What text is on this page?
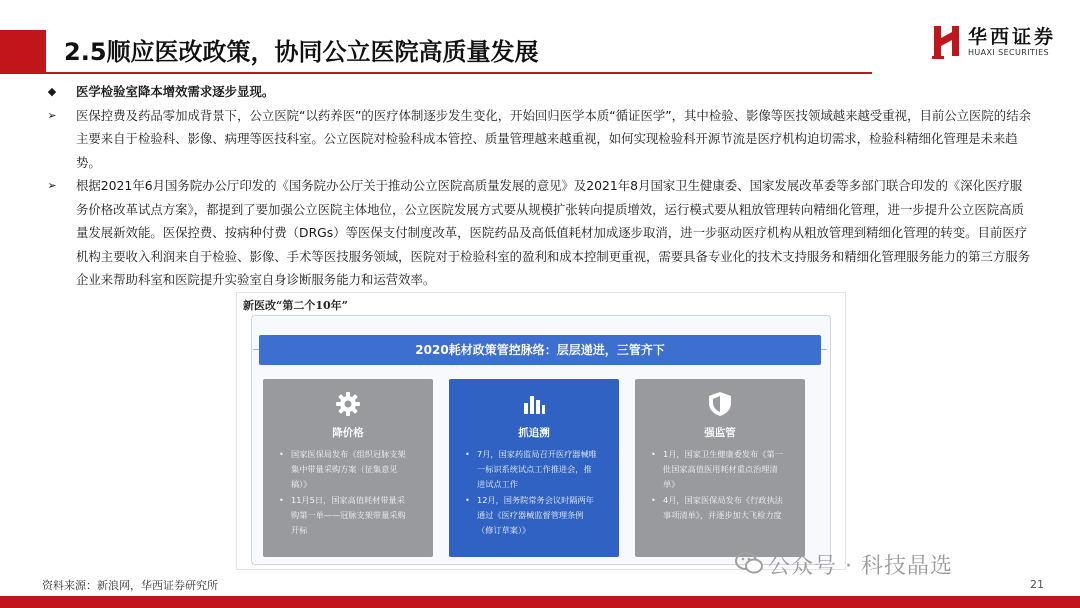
2.5顺应医改政策，协同公立医院高质量发展
华西证券
HUAXI SECURITIES
◆	医学检验室降本增效需求逐步显现。
➢	医保控费及药品零加成背景下，公立医院“以药养医”的医疗体制逐步发生变化，开始回归医学本质“循证医学”，其中检验、影像等医技领域越来越受重视，目前公立医院的结余主要来自于检验科、影像、病理等医技科室。公立医院对检验科成本管控、质量管理越来越重视，如何实现检验科开源节流是医疗机构迫切需求，检验科精细化管理是未来趋势。
➢	根据2021年6月国务院办公厅印发的《国务院办公厅关于推动公立医院高质量发展的意见》及2021年8月国家卫生健康委、国家发展改革委等多部门联合印发的《深化医疗服务价格改革试点方案》，都提到了要加强公立医院主体地位，公立医院发展方式要从规模扩张转向提质增效，运行模式要从粗放管理转向精细化管理，进一步提升公立医院高质量发展新效能。医保控费、按病种付费（DRGs）等医保支付制度改革，医院药品及高低值耗材加成逐步取消，进一步驱动医疗机构从粗放管理到精细化管理的转变。目前医疗机构主要收入利润来自于检验、影像、手术等医技服务领域，医院对于检验科室的盈利和成本控制更重视，需要具备专业化的技术支持服务和精细化管理服务能力的第三方服务企业来帮助科室和医院提升实验室自身诊断服务能力和运营效率。
新医改“第二个10年”
2020耗材政策管控脉络：层层递进，三管齐下
降价格
• 国家医保局发布《组织冠脉支架集中带量采购方案（征集意见稿）》
• 11月5日，国家高值耗材带量采购第一单——冠脉支架带量采购开标
抓追溯
• 7月，国家药监局召开医疗器械唯一标识系统试点工作推进会，推进试点工作
• 12月，国务院常务会议时隔两年通过《医疗器械监督管理条例（修订草案）》
强监管
• 1月，国家卫生健康委发布《第一批国家高值医用耗材重点治理清单》
• 4月，国家医保局发布《行政执法事项清单》，并逐步加大飞检力度
资料来源：新浪网，华西证券研究所
公众号 · 科技晶选
21
